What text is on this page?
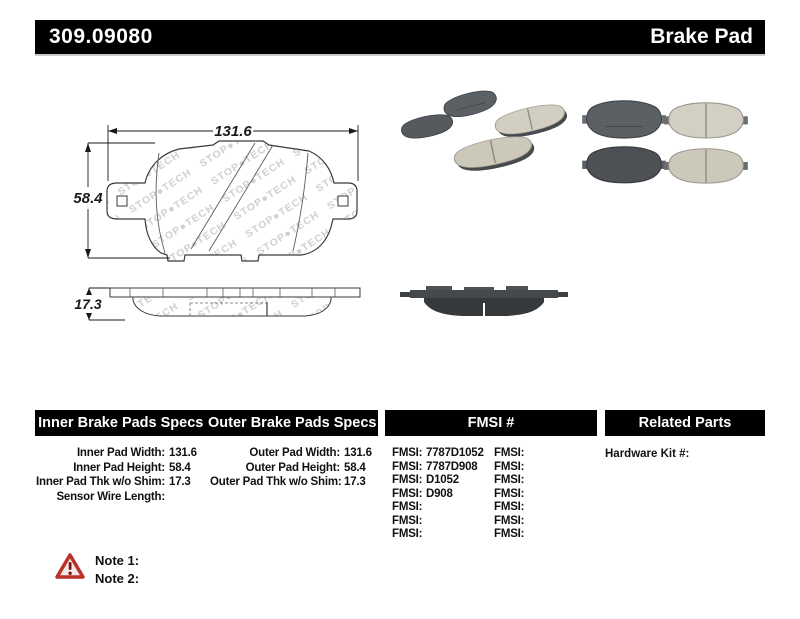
309.09080	Brake Pad
131.6
58.4
17.3
Inner Brake Pads Specs Outer Brake Pads Specs	FMSI #	Related Parts
Inner Pad Width: 131.6
Inner Pad Height: 58.4
Inner Pad Thk w/o Shim: 17.3
Sensor Wire Length:
Outer Pad Width: 131.6
Outer Pad Height: 58.4
Outer Pad Thk w/o Shim: 17.3
FMSI: 7787D1052 FMSI:
FMSI: 7787D908	FMSI:
FMSI: D1052	FMSI:
FMSI: D908	FMSI:
FMSI:	FMSI:
FMSI:	FMSI:
FMSI:	FMSI:
Hardware Kit #:
Note 1:
Note 2:
